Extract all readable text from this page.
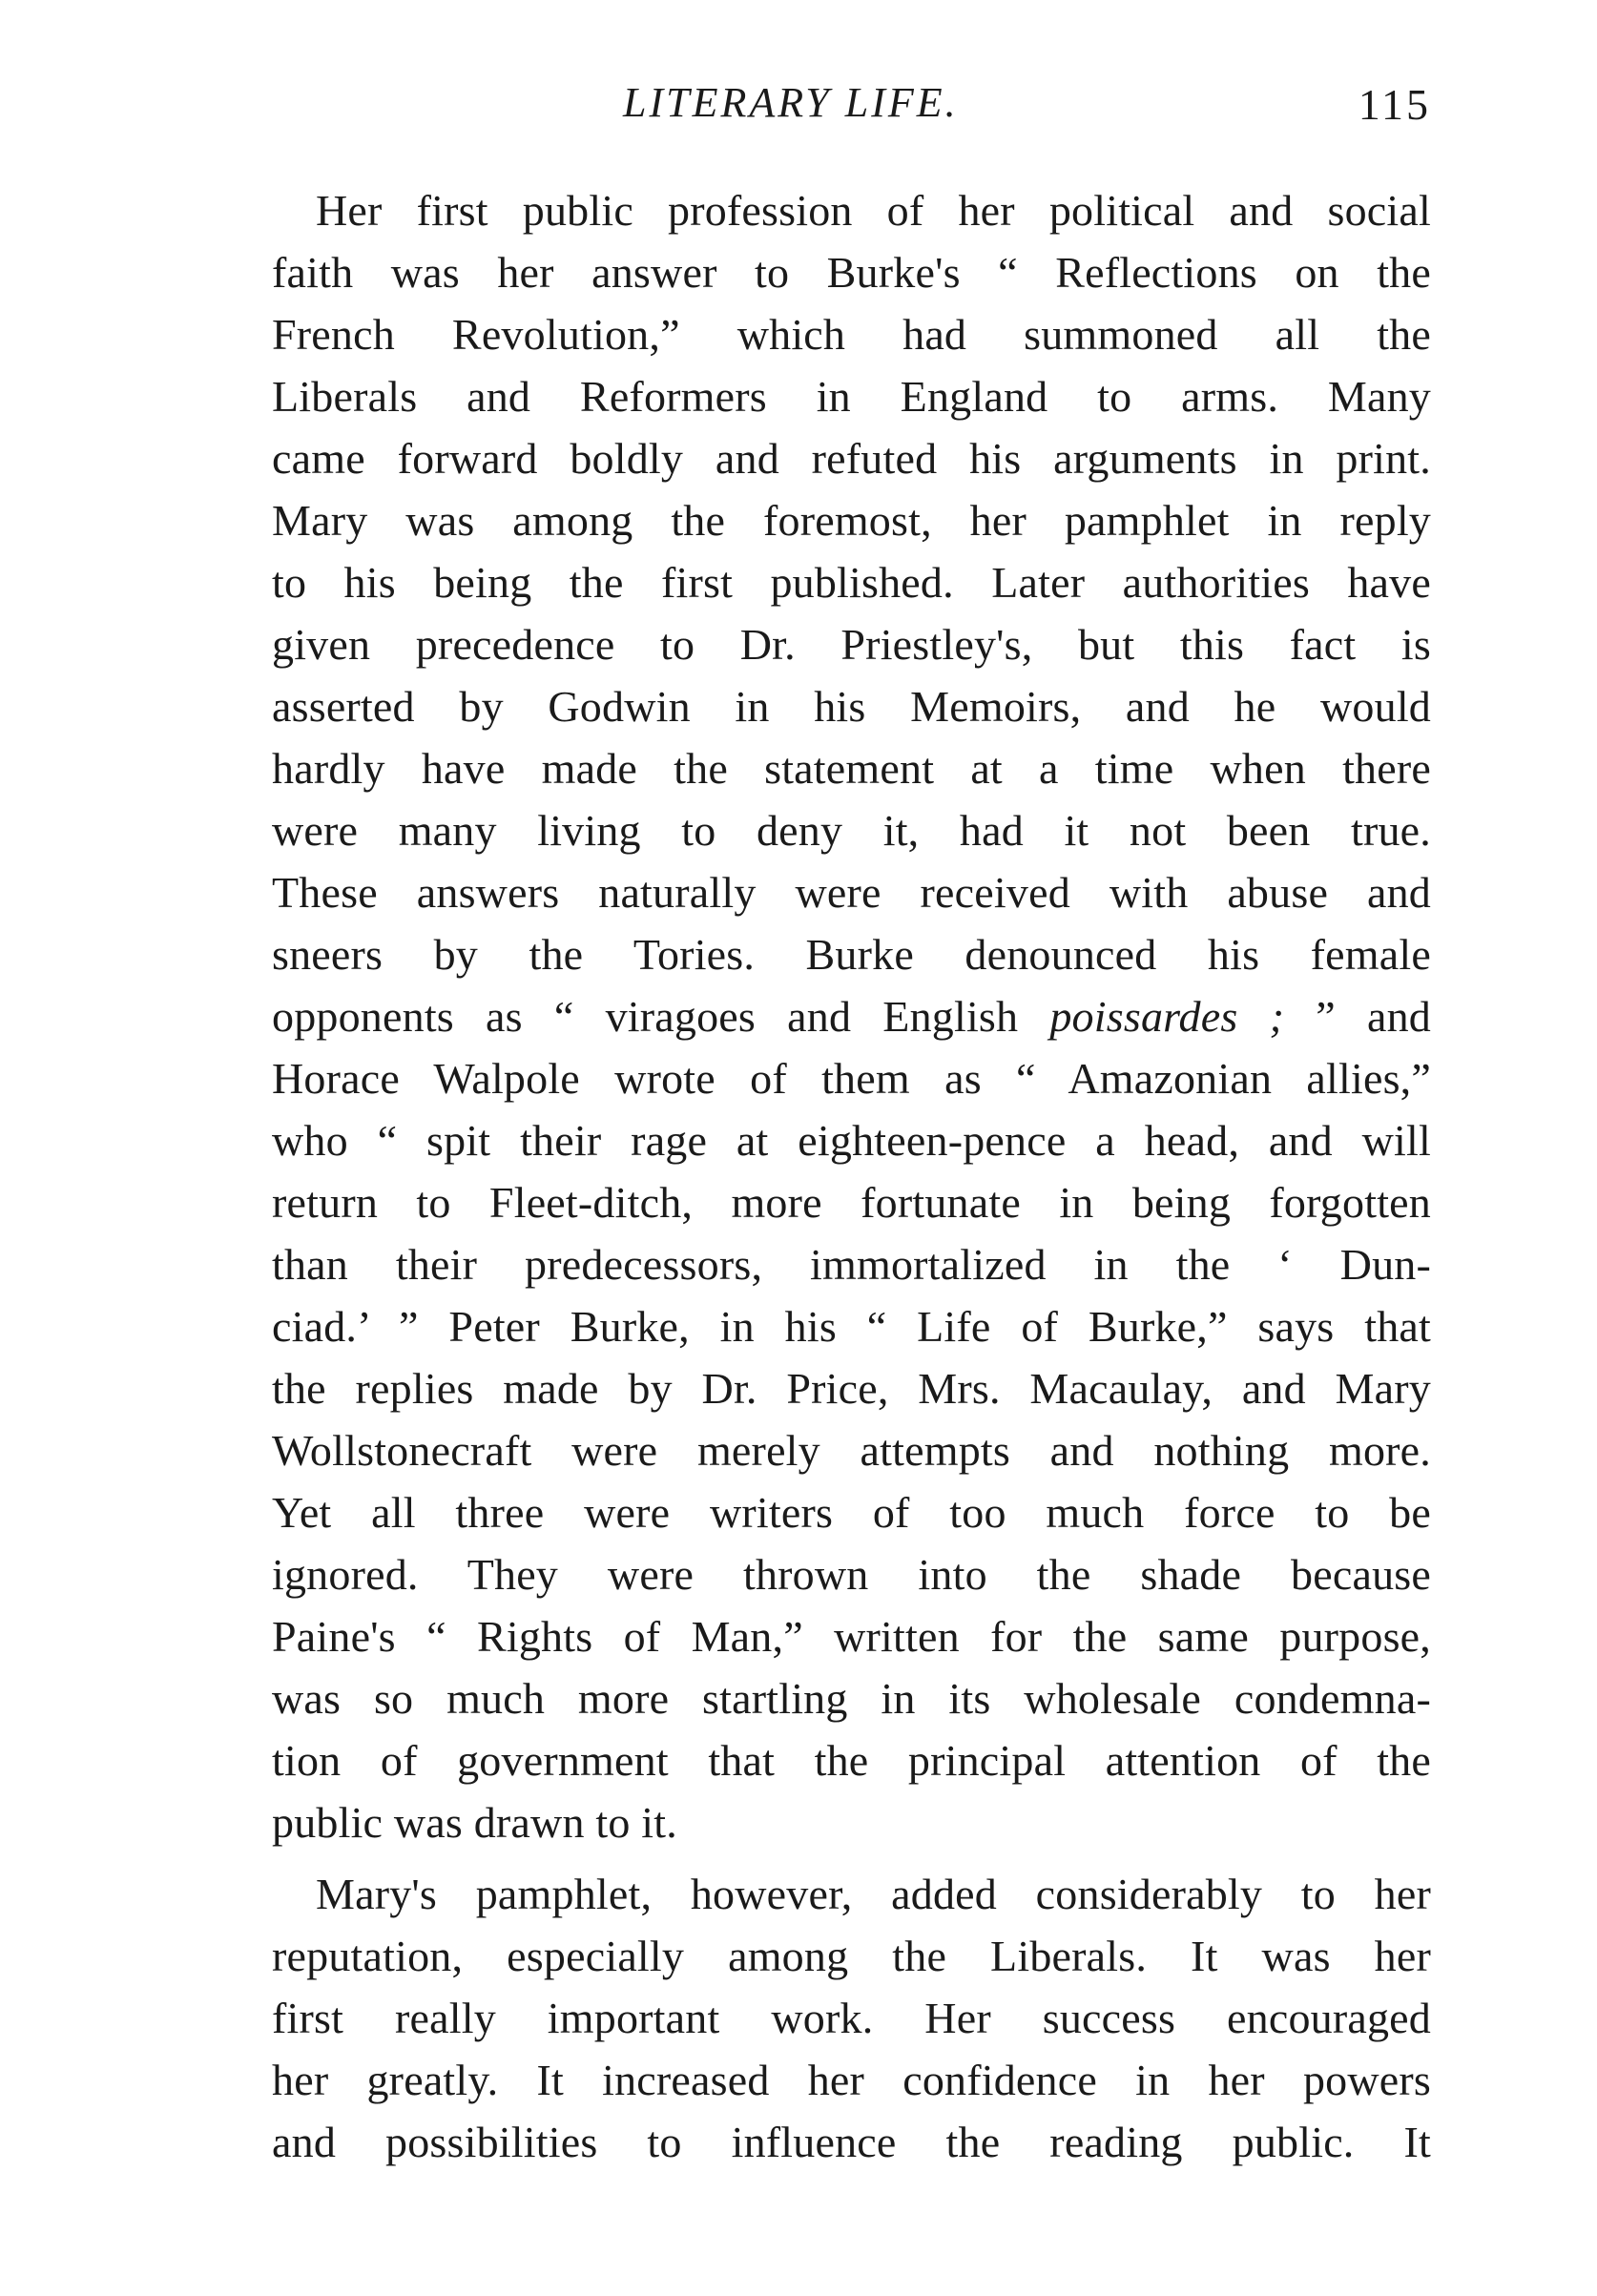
LITERARY LIFE.	115

Her first public profession of her political and social
faith was her answer to Burke's “ Reflections on the
French Revolution,” which had summoned all the
Liberals and Reformers in England to arms. Many
came forward boldly and refuted his arguments in print.
Mary was among the foremost, her pamphlet in reply
to his being the first published. Later authorities have
given precedence to Dr. Priestley's, but this fact is
asserted by Godwin in his Memoirs, and he would
hardly have made the statement at a time when there
were many living to deny it, had it not been true.
These answers naturally were received with abuse and
sneers by the Tories. Burke denounced his female
opponents as “ viragoes and English poissardes ; ” and
Horace Walpole wrote of them as “ Amazonian allies,”
who “ spit their rage at eighteen-pence a head, and will
return to Fleet-ditch, more fortunate in being forgotten
than their predecessors, immortalized in the ‘ Dun-
ciad.’ ” Peter Burke, in his “ Life of Burke,” says that
the replies made by Dr. Price, Mrs. Macaulay, and Mary
Wollstonecraft were merely attempts and nothing more.
Yet all three were writers of too much force to be
ignored. They were thrown into the shade because
Paine's “ Rights of Man,” written for the same purpose,
was so much more startling in its wholesale condemna-
tion of government that the principal attention of the
public was drawn to it.

Mary's pamphlet, however, added considerably to her
reputation, especially among the Liberals. It was her
first really important work. Her success encouraged
her greatly. It increased her confidence in her powers
and possibilities to influence the reading public. It
